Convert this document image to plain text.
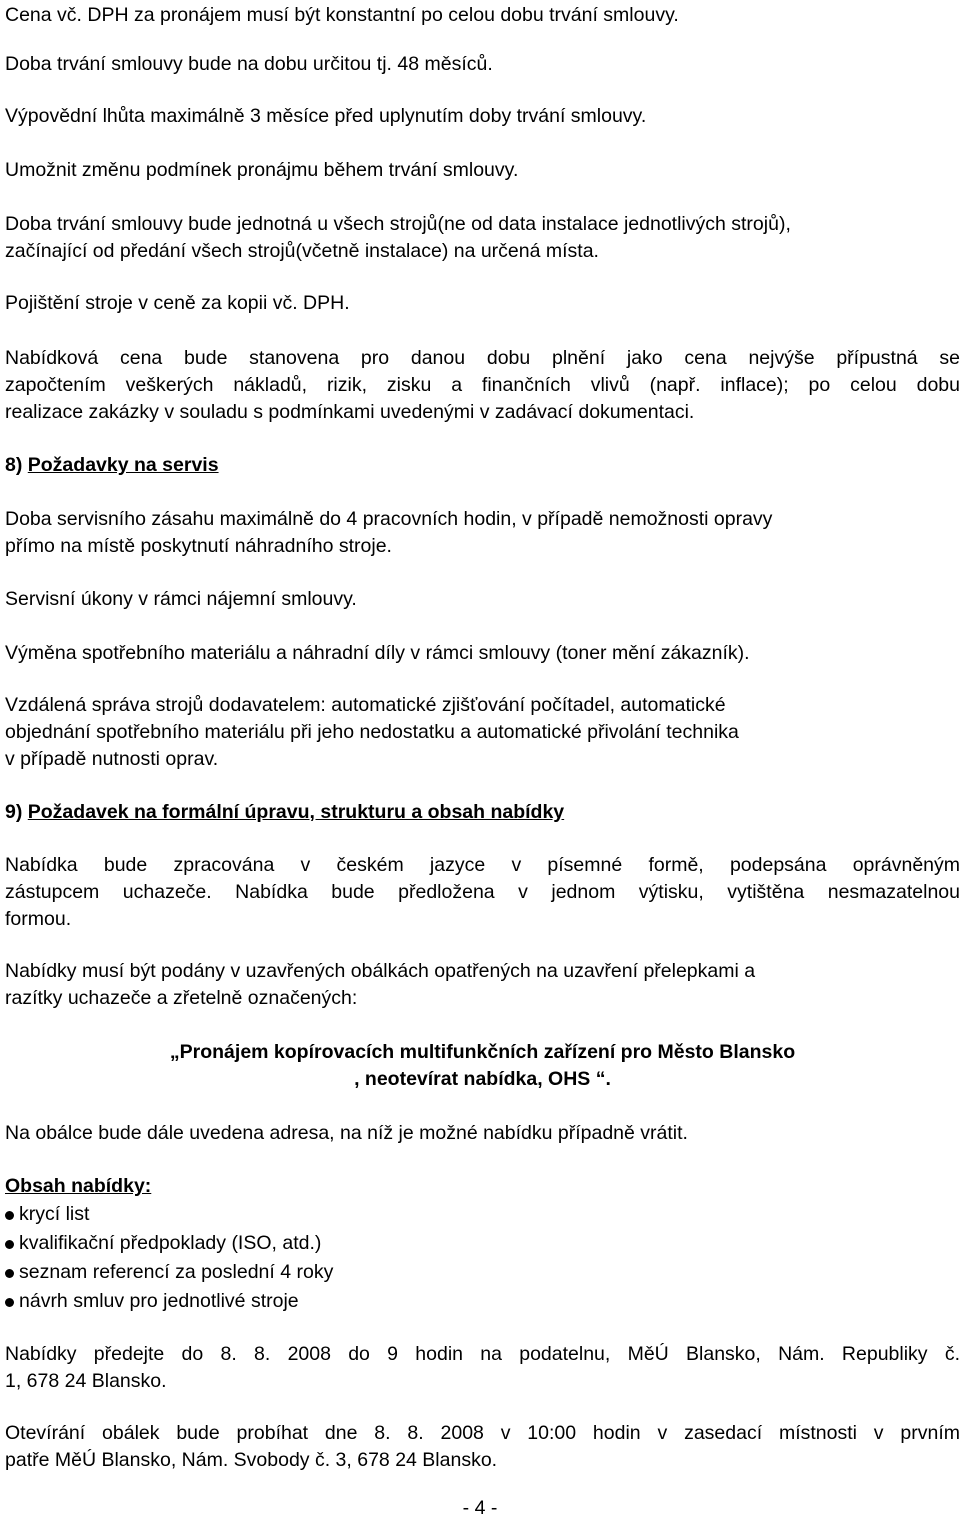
Cena vč. DPH za pronájem musí být konstantní po celou dobu trvání smlouvy.

Doba trvání smlouvy bude na dobu určitou tj. 48 měsíců.

Výpovědní lhůta maximálně 3 měsíce před uplynutím doby trvání smlouvy.

Umožnit změnu podmínek pronájmu během trvání smlouvy.

Doba trvání smlouvy bude jednotná u všech strojů(ne od data instalace jednotlivých strojů),

začínající od předání všech strojů(včetně instalace) na určená místa.

Pojištění stroje v ceně za kopii vč. DPH.

Nabídková cena bude stanovena pro danou dobu plnění jako cena nejvýše přípustná se

započtením veškerých nákladů, rizik, zisku a finančních vlivů (např. inflace); po celou dobu

realizace zakázky v souladu s podmínkami uvedenými v zadávací dokumentaci.

8) Požadavky na servis

Doba servisního zásahu maximálně do 4 pracovních hodin, v případě nemožnosti opravy

přímo na místě poskytnutí náhradního stroje.

Servisní úkony v rámci nájemní smlouvy.

Výměna spotřebního materiálu a náhradní díly v rámci smlouvy (toner mění zákazník).

Vzdálená správa strojů dodavatelem: automatické zjišťování počítadel, automatické

objednání spotřebního materiálu při jeho nedostatku a automatické přivolání technika

v případě nutnosti oprav.

9) Požadavek na formální úpravu, strukturu a obsah nabídky

Nabídka bude zpracována v českém jazyce v písemné formě, podepsána oprávněným

zástupcem uchazeče. Nabídka bude předložena v jednom výtisku, vytištěna nesmazatelnou

formou.

Nabídky musí být podány v uzavřených obálkách opatřených na uzavření přelepkami a

razítky uchazeče a zřetelně označených:

„Pronájem kopírovacích multifunkčních zařízení pro Město Blansko

, neotevírat nabídka, OHS “.

Na obálce bude dále uvedena adresa, na níž je možné nabídku případně vrátit.

Obsah nabídky:

krycí list
kvalifikační předpoklady (ISO, atd.)
seznam referencí za poslední 4 roky
návrh smluv pro jednotlivé stroje

Nabídky předejte do 8. 8. 2008 do 9 hodin na podatelnu, MěÚ Blansko, Nám. Republiky č.

1, 678 24 Blansko.

Otevírání obálek bude probíhat dne 8. 8. 2008 v 10:00 hodin v zasedací místnosti v prvním

patře MěÚ Blansko, Nám. Svobody č. 3, 678 24 Blansko.

- 4 -
